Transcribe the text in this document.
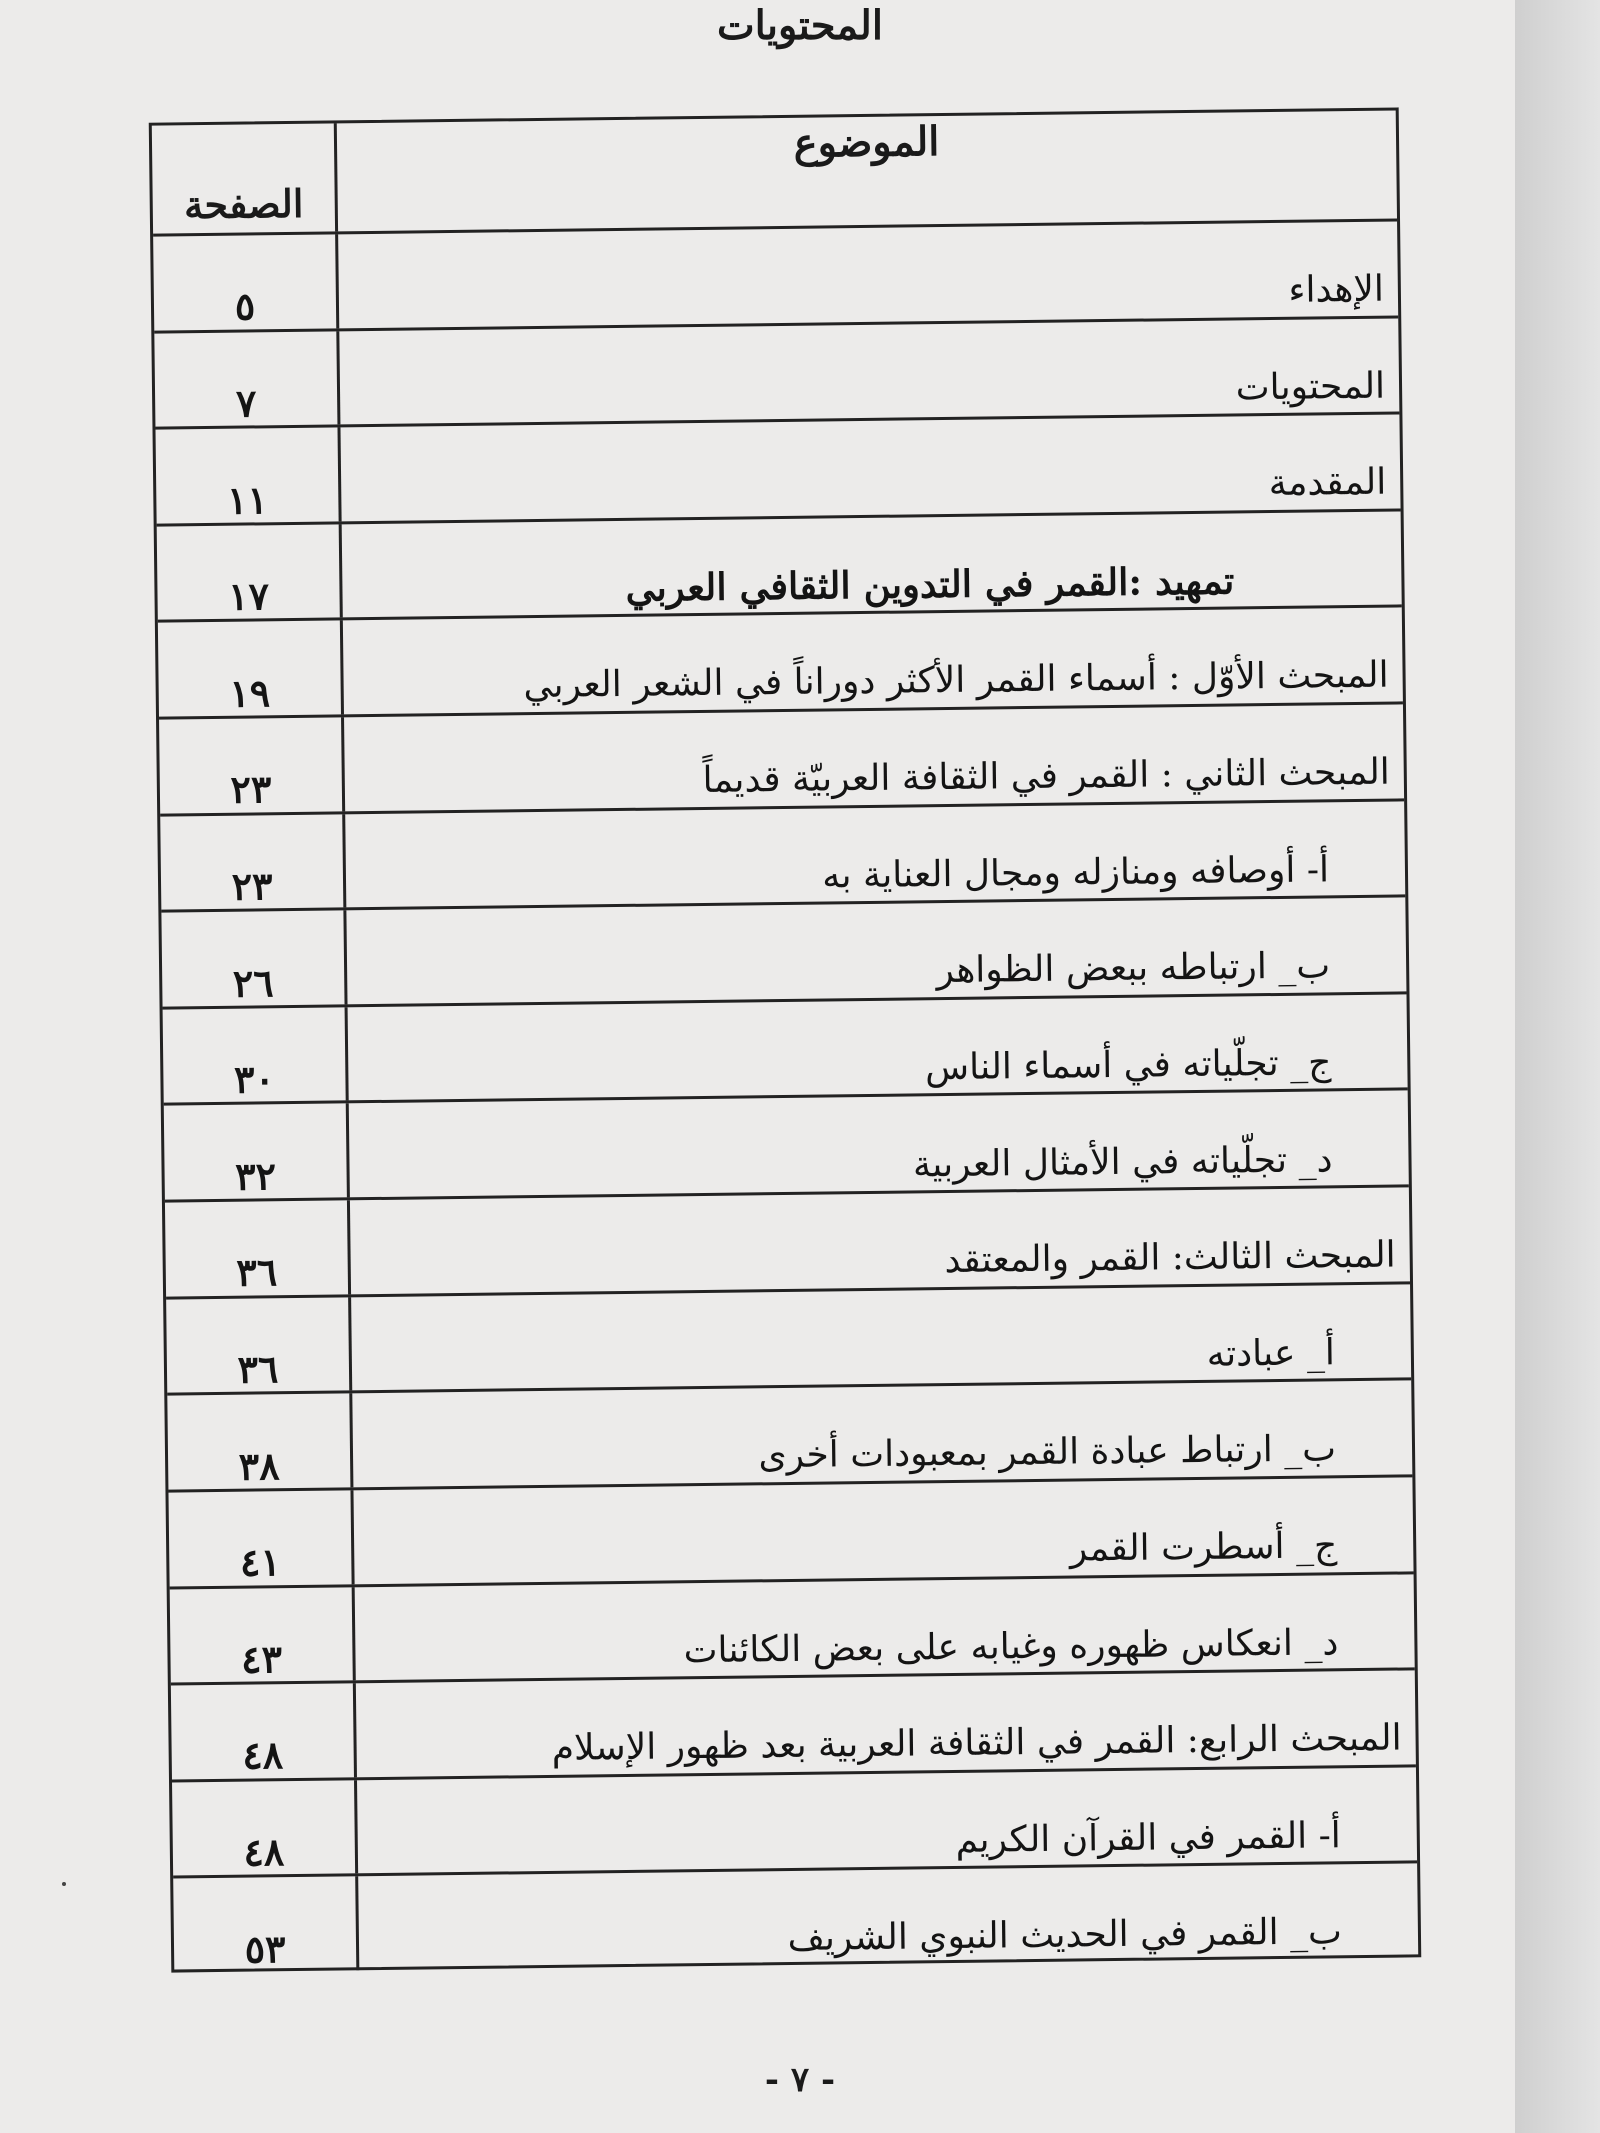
المحتويات
الموضوع
الصفحة
الإهداء
٥
المحتويات
٧
المقدمة
١١
تمهيد :القمر في التدوين الثقافي العربي
١٧
المبحث الأوّل : أسماء القمر الأكثر دوراناً في الشعر العربي
١٩
المبحث الثاني : القمر في الثقافة العربيّة قديماً
٢٣
أ- أوصافه ومنازله ومجال العناية به
٢٣
ب_ ارتباطه ببعض الظواهر
٢٦
ج_ تجلّياته في أسماء الناس
٣٠
د_ تجلّياته في الأمثال العربية
٣٢
المبحث الثالث: القمر والمعتقد
٣٦
أ_ عبادته
٣٦
ب_ ارتباط عبادة القمر بمعبودات أخرى
٣٨
ج_ أسطرت القمر
٤١
د_ انعكاس ظهوره وغيابه على بعض الكائنات
٤٣
المبحث الرابع: القمر في الثقافة العربية بعد ظهور الإسلام
٤٨
أ- القمر في القرآن الكريم
٤٨
ب_ القمر في الحديث النبوي الشريف
٥٣
- ٧ -
